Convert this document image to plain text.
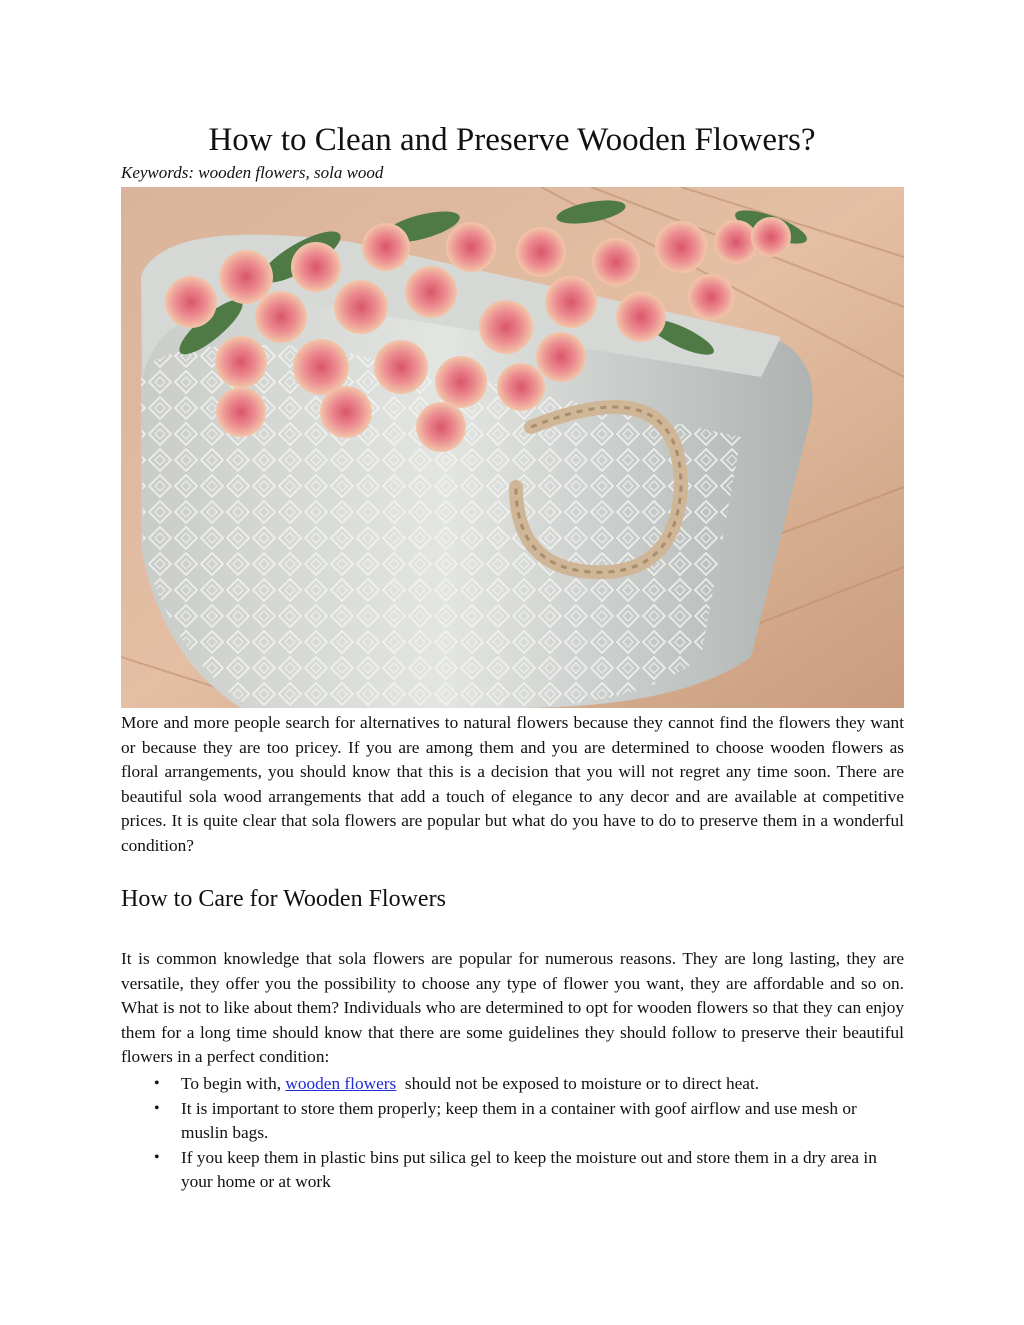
How to Clean and Preserve Wooden Flowers?
Keywords: wooden flowers, sola wood

More and more people search for alternatives to natural flowers because they cannot find the flowers they want or because they are too pricey. If you are among them and you are determined to choose wooden flowers as floral arrangements, you should know that this is a decision that you will not regret any time soon. There are beautiful sola wood arrangements that add a touch of elegance to any decor and are available at competitive prices. It is quite clear that sola flowers are popular but what do you have to do to preserve them in a wonderful condition?

How to Care for Wooden Flowers

It is common knowledge that sola flowers are popular for numerous reasons. They are long lasting, they are versatile, they offer you the possibility to choose any type of flower you want, they are affordable and so on. What is not to like about them? Individuals who are determined to opt for wooden flowers so that they can enjoy them for a long time should know that there are some guidelines they should follow to preserve their beautiful flowers in a perfect condition:

• To begin with, wooden flowers  should not be exposed to moisture or to direct heat.
• It is important to store them properly; keep them in a container with goof airflow and use mesh or muslin bags.
• If you keep them in plastic bins put silica gel to keep the moisture out and store them in a dry area in your home or at work
